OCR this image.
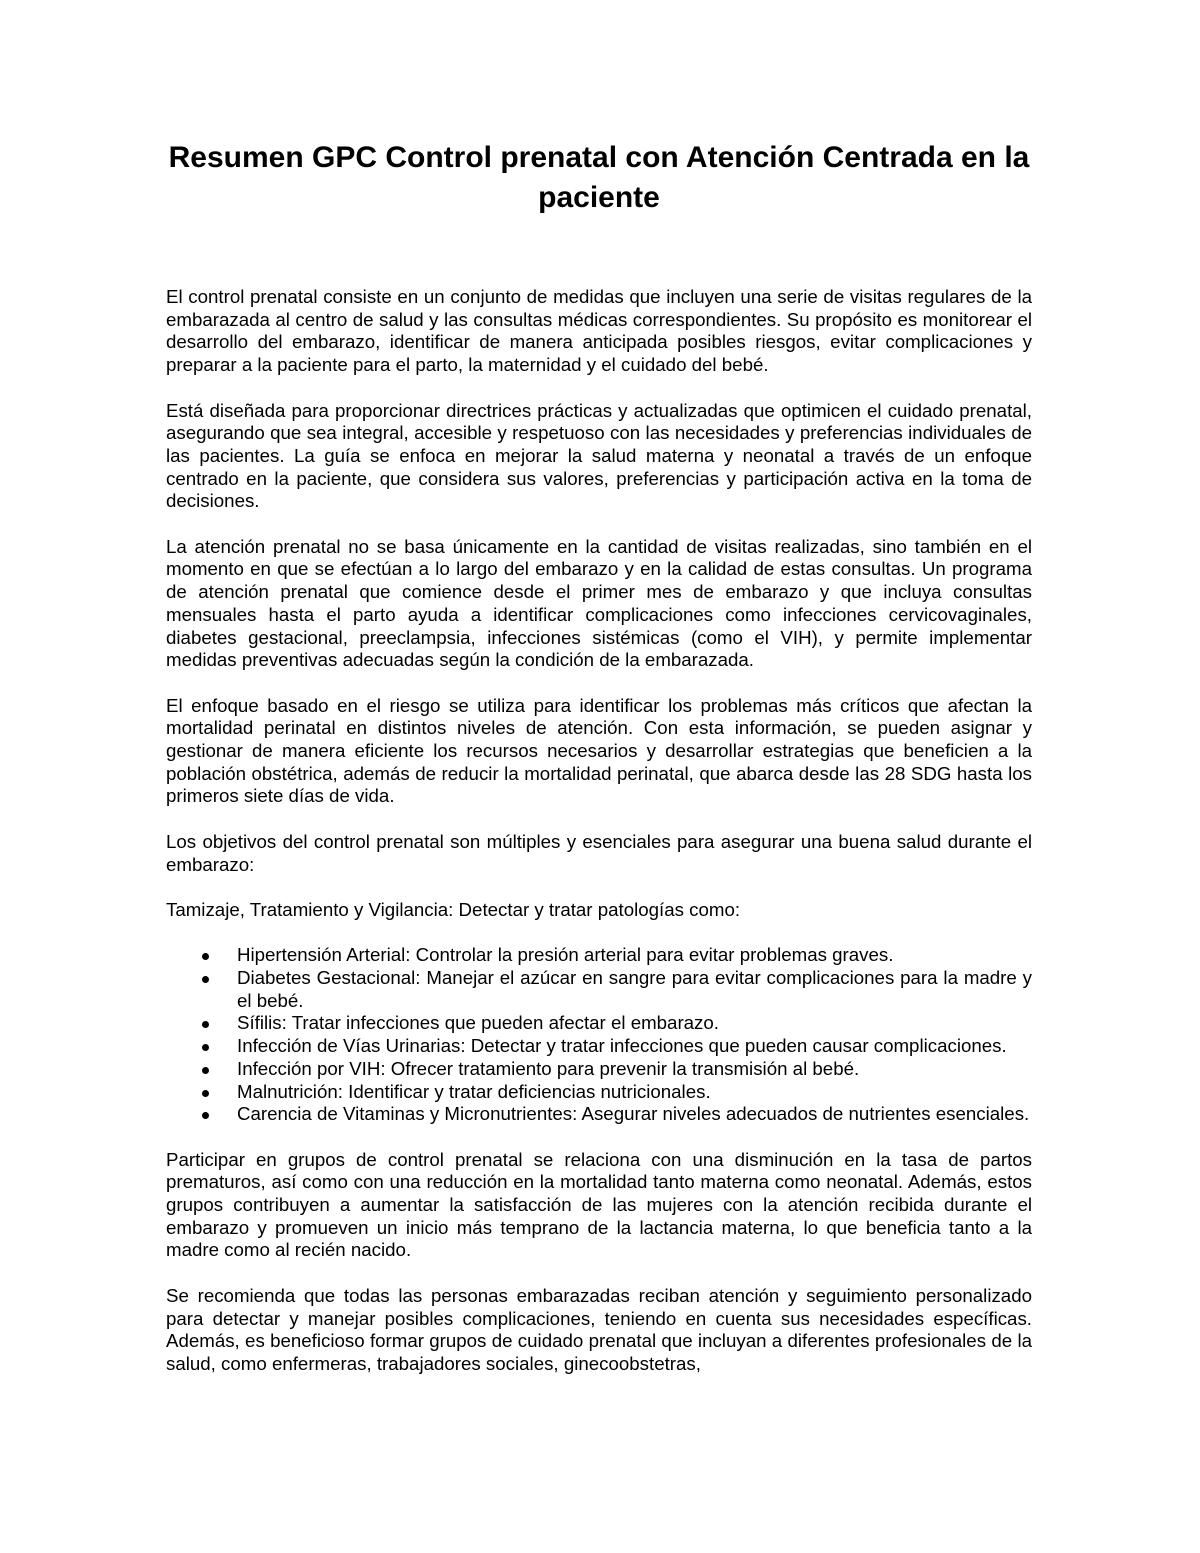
Resumen GPC Control prenatal con Atención Centrada en la paciente

El control prenatal consiste en un conjunto de medidas que incluyen una serie de visitas regulares de la embarazada al centro de salud y las consultas médicas correspondientes. Su propósito es monitorear el desarrollo del embarazo, identificar de manera anticipada posibles riesgos, evitar complicaciones y preparar a la paciente para el parto, la maternidad y el cuidado del bebé.

Está diseñada para proporcionar directrices prácticas y actualizadas que optimicen el cuidado prenatal, asegurando que sea integral, accesible y respetuoso con las necesidades y preferencias individuales de las pacientes. La guía se enfoca en mejorar la salud materna y neonatal a través de un enfoque centrado en la paciente, que considera sus valores, preferencias y participación activa en la toma de decisiones.

La atención prenatal no se basa únicamente en la cantidad de visitas realizadas, sino también en el momento en que se efectúan a lo largo del embarazo y en la calidad de estas consultas. Un programa de atención prenatal que comience desde el primer mes de embarazo y que incluya consultas mensuales hasta el parto ayuda a identificar complicaciones como infecciones cervicovaginales, diabetes gestacional, preeclampsia, infecciones sistémicas (como el VIH), y permite implementar medidas preventivas adecuadas según la condición de la embarazada.

El enfoque basado en el riesgo se utiliza para identificar los problemas más críticos que afectan la mortalidad perinatal en distintos niveles de atención. Con esta información, se pueden asignar y gestionar de manera eficiente los recursos necesarios y desarrollar estrategias que beneficien a la población obstétrica, además de reducir la mortalidad perinatal, que abarca desde las 28 SDG hasta los primeros siete días de vida.

Los objetivos del control prenatal son múltiples y esenciales para asegurar una buena salud durante el embarazo:

Tamizaje, Tratamiento y Vigilancia: Detectar y tratar patologías como:

Hipertensión Arterial: Controlar la presión arterial para evitar problemas graves.
Diabetes Gestacional: Manejar el azúcar en sangre para evitar complicaciones para la madre y el bebé.
Sífilis: Tratar infecciones que pueden afectar el embarazo.
Infección de Vías Urinarias: Detectar y tratar infecciones que pueden causar complicaciones.
Infección por VIH: Ofrecer tratamiento para prevenir la transmisión al bebé.
Malnutrición: Identificar y tratar deficiencias nutricionales.
Carencia de Vitaminas y Micronutrientes: Asegurar niveles adecuados de nutrientes esenciales.

Participar en grupos de control prenatal se relaciona con una disminución en la tasa de partos prematuros, así como con una reducción en la mortalidad tanto materna como neonatal. Además, estos grupos contribuyen a aumentar la satisfacción de las mujeres con la atención recibida durante el embarazo y promueven un inicio más temprano de la lactancia materna, lo que beneficia tanto a la madre como al recién nacido.

Se recomienda que todas las personas embarazadas reciban atención y seguimiento personalizado para detectar y manejar posibles complicaciones, teniendo en cuenta sus necesidades específicas. Además, es beneficioso formar grupos de cuidado prenatal que incluyan a diferentes profesionales de la salud, como enfermeras, trabajadores sociales, ginecoobstetras,
